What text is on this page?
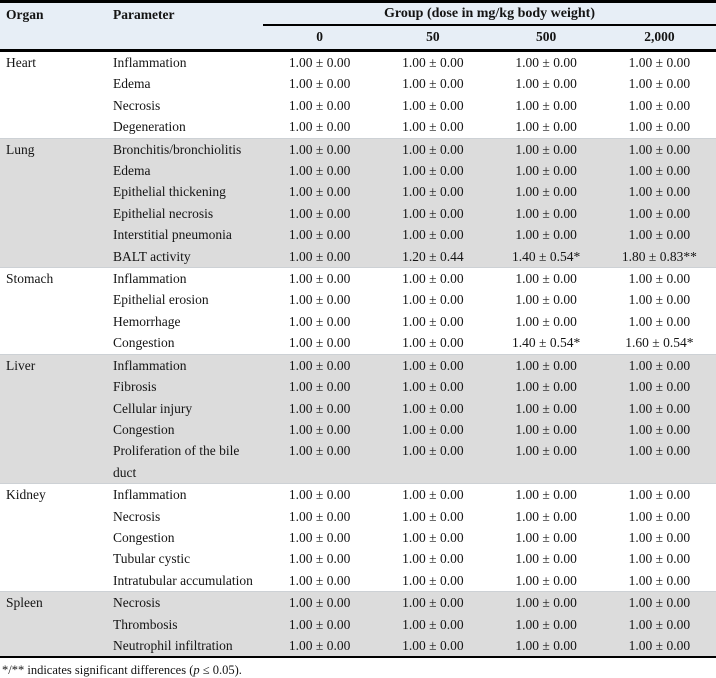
Organ	Parameter	Group (dose in mg/kg body weight)			
		0	50	500	2,000
Heart	Inflammation	1.00 ± 0.00	1.00 ± 0.00	1.00 ± 0.00	1.00 ± 0.00
	Edema	1.00 ± 0.00	1.00 ± 0.00	1.00 ± 0.00	1.00 ± 0.00
	Necrosis	1.00 ± 0.00	1.00 ± 0.00	1.00 ± 0.00	1.00 ± 0.00
	Degeneration	1.00 ± 0.00	1.00 ± 0.00	1.00 ± 0.00	1.00 ± 0.00
Lung	Bronchitis/bronchiolitis	1.00 ± 0.00	1.00 ± 0.00	1.00 ± 0.00	1.00 ± 0.00
	Edema	1.00 ± 0.00	1.00 ± 0.00	1.00 ± 0.00	1.00 ± 0.00
	Epithelial thickening	1.00 ± 0.00	1.00 ± 0.00	1.00 ± 0.00	1.00 ± 0.00
	Epithelial necrosis	1.00 ± 0.00	1.00 ± 0.00	1.00 ± 0.00	1.00 ± 0.00
	Interstitial pneumonia	1.00 ± 0.00	1.00 ± 0.00	1.00 ± 0.00	1.00 ± 0.00
	BALT activity	1.00 ± 0.00	1.20 ± 0.44	1.40 ± 0.54*	1.80 ± 0.83**
Stomach	Inflammation	1.00 ± 0.00	1.00 ± 0.00	1.00 ± 0.00	1.00 ± 0.00
	Epithelial erosion	1.00 ± 0.00	1.00 ± 0.00	1.00 ± 0.00	1.00 ± 0.00
	Hemorrhage	1.00 ± 0.00	1.00 ± 0.00	1.00 ± 0.00	1.00 ± 0.00
	Congestion	1.00 ± 0.00	1.00 ± 0.00	1.40 ± 0.54*	1.60 ± 0.54*
Liver	Inflammation	1.00 ± 0.00	1.00 ± 0.00	1.00 ± 0.00	1.00 ± 0.00
	Fibrosis	1.00 ± 0.00	1.00 ± 0.00	1.00 ± 0.00	1.00 ± 0.00
	Cellular injury	1.00 ± 0.00	1.00 ± 0.00	1.00 ± 0.00	1.00 ± 0.00
	Congestion	1.00 ± 0.00	1.00 ± 0.00	1.00 ± 0.00	1.00 ± 0.00
	Proliferation of the bile duct	1.00 ± 0.00	1.00 ± 0.00	1.00 ± 0.00	1.00 ± 0.00
Kidney	Inflammation	1.00 ± 0.00	1.00 ± 0.00	1.00 ± 0.00	1.00 ± 0.00
	Necrosis	1.00 ± 0.00	1.00 ± 0.00	1.00 ± 0.00	1.00 ± 0.00
	Congestion	1.00 ± 0.00	1.00 ± 0.00	1.00 ± 0.00	1.00 ± 0.00
	Tubular cystic	1.00 ± 0.00	1.00 ± 0.00	1.00 ± 0.00	1.00 ± 0.00
	Intratubular accumulation	1.00 ± 0.00	1.00 ± 0.00	1.00 ± 0.00	1.00 ± 0.00
Spleen	Necrosis	1.00 ± 0.00	1.00 ± 0.00	1.00 ± 0.00	1.00 ± 0.00
	Thrombosis	1.00 ± 0.00	1.00 ± 0.00	1.00 ± 0.00	1.00 ± 0.00
	Neutrophil infiltration	1.00 ± 0.00	1.00 ± 0.00	1.00 ± 0.00	1.00 ± 0.00
*/** indicates significant differences (p ≤ 0.05).
